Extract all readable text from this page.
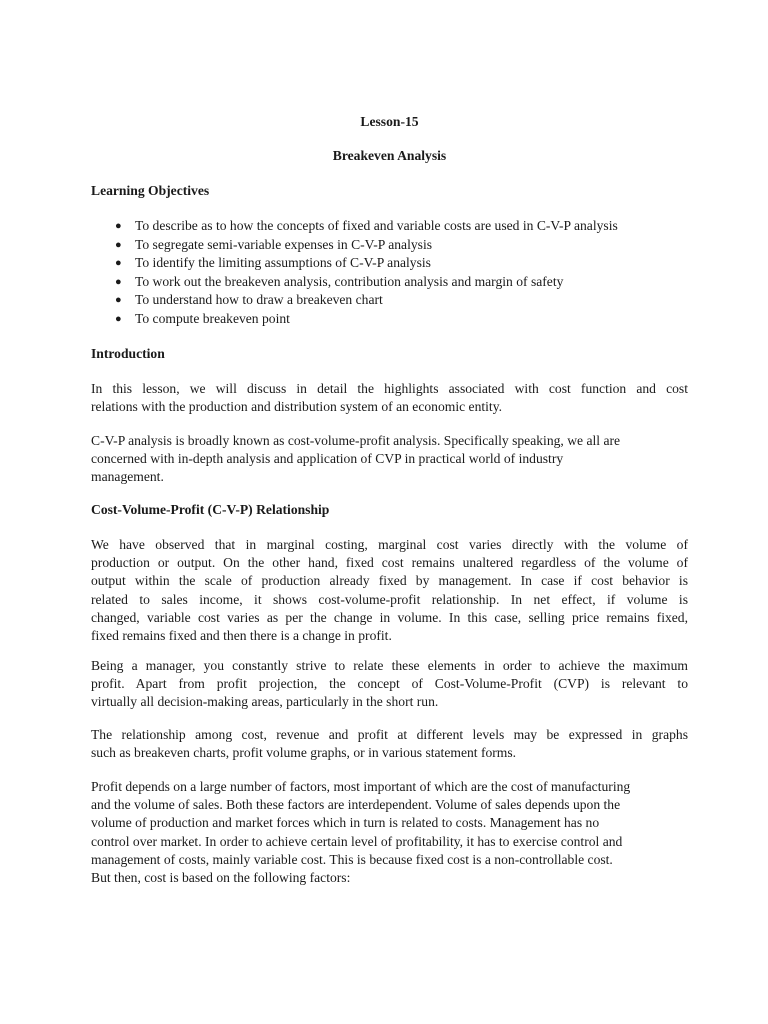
Lesson-15
Breakeven Analysis
Learning Objectives
● To describe as to how the concepts of fixed and variable costs are used in C-V-P analysis
● To segregate semi-variable expenses in C-V-P analysis
● To identify the limiting assumptions of C-V-P analysis
● To work out the breakeven analysis, contribution analysis and margin of safety
● To understand how to draw a breakeven chart
● To compute breakeven point
Introduction

In this lesson, we will discuss in detail the highlights associated with cost function and cost
relations with the production and distribution system of an economic entity.

C-V-P analysis is broadly known as cost-volume-profit analysis. Specifically speaking, we all are
concerned with in-depth analysis and application of CVP in practical world of industry
management.

Cost-Volume-Profit (C-V-P) Relationship

We have observed that in marginal costing, marginal cost varies directly with the volume of
production or output. On the other hand, fixed cost remains unaltered regardless of the volume of
output within the scale of production already fixed by management. In case if cost behavior is
related to sales income, it shows cost-volume-profit relationship. In net effect, if volume is
changed, variable cost varies as per the change in volume. In this case, selling price remains fixed,
fixed remains fixed and then there is a change in profit.

Being a manager, you constantly strive to relate these elements in order to achieve the maximum
profit. Apart from profit projection, the concept of Cost-Volume-Profit (CVP) is relevant to
virtually all decision-making areas, particularly in the short run.

The relationship among cost, revenue and profit at different levels may be expressed in graphs
such as breakeven charts, profit volume graphs, or in various statement forms.

Profit depends on a large number of factors, most important of which are the cost of manufacturing
and the volume of sales. Both these factors are interdependent. Volume of sales depends upon the
volume of production and market forces which in turn is related to costs. Management has no
control over market. In order to achieve certain level of profitability, it has to exercise control and
management of costs, mainly variable cost. This is because fixed cost is a non-controllable cost.
But then, cost is based on the following factors:
